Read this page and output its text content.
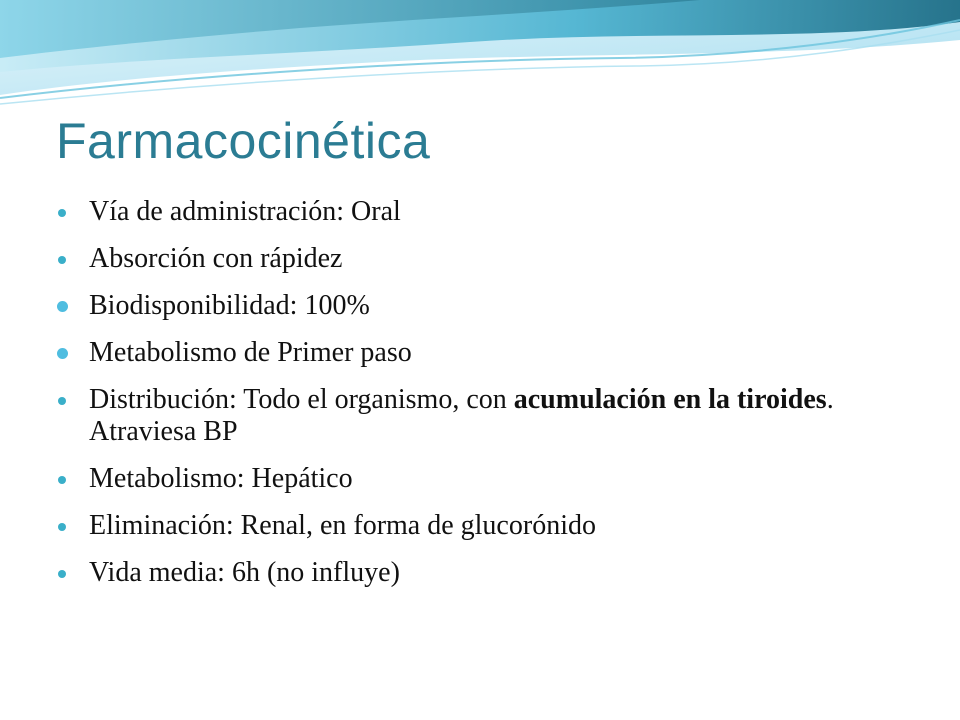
Farmacocinética
Vía de administración: Oral
Absorción con rápidez
Biodisponibilidad: 100%
Metabolismo de Primer paso
Distribución: Todo el organismo, con acumulación en la tiroides. Atraviesa BP
Metabolismo: Hepático
Eliminación: Renal, en forma de glucorónido
Vida media: 6h (no influye)
